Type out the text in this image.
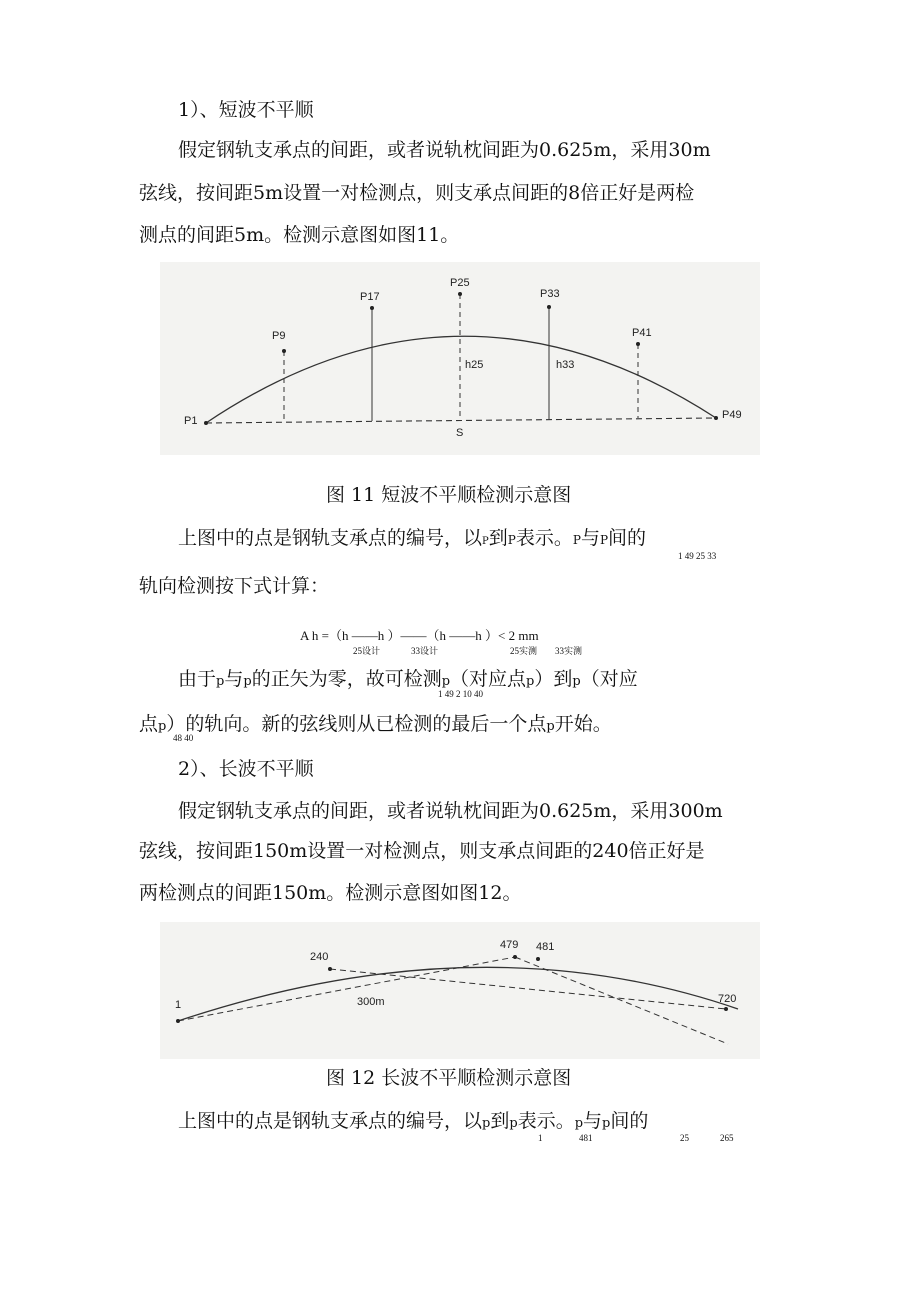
1）、短波不平顺
假定钢轨支承点的间距，或者说轨枕间距为0.625m，采用30m
弦线，按间距5m设置一对检测点，则支承点间距的8倍正好是两检
测点的间距5m。检测示意图如图11。
P1
P9
P17
P25
P33
P41
P49
h25	h33
S
图 11 短波不平顺检测示意图
上图中的点是钢轨支承点的编号，以P到P表示。P与P间的
1 49 25 33
轨向检测按下式计算：
A h =（h ——h ）——（h ——h ）< 2 mm
25设计	33设计	25实测 33实测
由于p与p的正矢为零，故可检测p（对应点p）到p（对应
1 49 2 10 40
点p）的轨向。新的弦线则从已检测的最后一个点p开始。
48 40
2）、长波不平顺
假定钢轨支承点的间距，或者说轨枕间距为0.625m，采用300m
弦线，按间距150m设置一对检测点，则支承点间距的240倍正好是
两检测点的间距150m。检测示意图如图12。
1
240
479 481
720
300m
图 12 长波不平顺检测示意图
上图中的点是钢轨支承点的编号，以p到p表示。p与p间的
1	481	25	265
